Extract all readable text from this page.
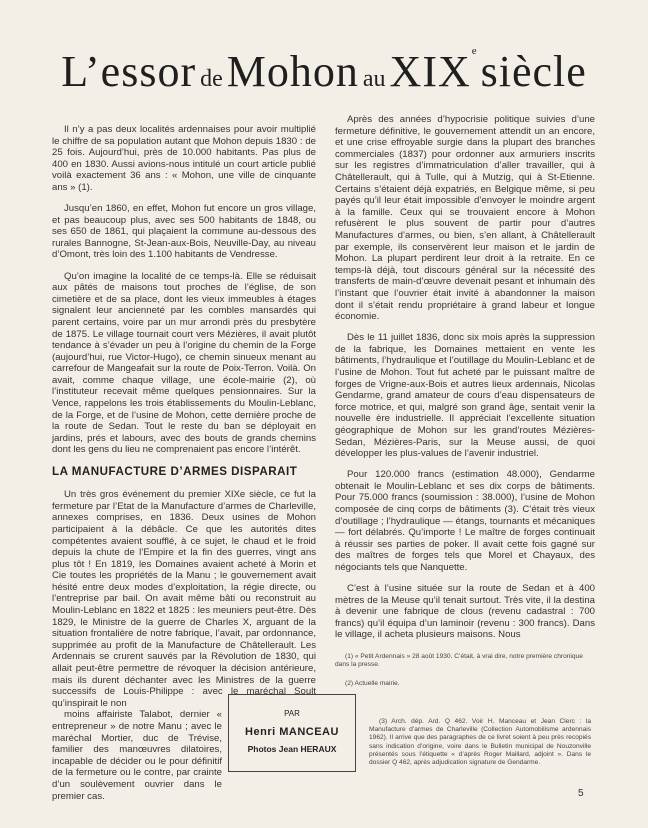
L’essor de Mohon au XIXe siècle

Il n’y a pas deux localités ardennaises pour avoir multiplié le chiffre de sa population autant que Mohon depuis 1830 : de 25 fois. Aujourd’hui, près de 10.000 habitants. Pas plus de 400 en 1830. Aussi avions-nous intitulé un court article publié voilà exactement 36 ans : « Mohon, une ville de cinquante ans » (1).

Jusqu’en 1860, en effet, Mohon fut encore un gros village, et pas beaucoup plus, avec ses 500 habitants de 1848, ou ses 650 de 1861, qui plaçaient la commune au-dessous des rurales Bannogne, St-Jean-aux-Bois, Neuville-Day, au niveau d’Omont, très loin des 1.100 habitants de Vendresse.

Qu’on imagine la localité de ce temps-là. Elle se réduisait aux pâtés de maisons tout proches de l’église, de son cimetière et de sa place, dont les vieux immeubles à étages signalent leur ancienneté par les combles mansardés qui parent certains, voire par un mur arrondi près du presbytère de 1875. Le village tournait court vers Mézières, il avait plutôt tendance à s’évader un peu à l’origine du chemin de la Forge (aujourd’hui, rue Victor-Hugo), ce chemin sinueux menant au carrefour de Mangeafait sur la route de Poix-Terron. Voilà. On avait, comme chaque village, une école-mairie (2), où l’instituteur recevait même quelques pensionnaires. Sur la Vence, rappelons les trois établissements du Moulin-Leblanc, de la Forge, et de l’usine de Mohon, cette dernière proche de la route de Sedan. Tout le reste du ban se déployait en jardins, prés et labours, avec des bouts de grands chemins dont les gens du lieu ne comprenaient pas encore l’intérêt.

LA MANUFACTURE D’ARMES DISPARAIT

Un très gros événement du premier XIXe siècle, ce fut la fermeture par l’Etat de la Manufacture d’armes de Charleville, annexes comprises, en 1836. Deux usines de Mohon participaient à la débâcle. Ce que les autorités dites compétentes avaient soufflé, à ce sujet, le chaud et le froid depuis la chute de l’Empire et la fin des guerres, vingt ans plus tôt ! En 1819, les Domaines avaient acheté à Morin et Cie toutes les propriétés de la Manu ; le gouvernement avait hésité entre deux modes d’exploitation, la régie directe, ou l’entreprise par bail. On avait même bâti ou reconstruit au Moulin-Leblanc en 1822 et 1825 : les meuniers peut-être. Dès 1829, le Ministre de la guerre de Charles X, arguant de la situation frontalière de notre fabrique, l’avait, par ordonnance, supprimée au profit de la Manufacture de Châtellerault. Les Ardennais se crurent sauvés par la Révolution de 1830, qui allait peut-être permettre de révoquer la décision antérieure, mais ils durent déchanter avec les Ministres de la guerre successifs de Louis-Philippe : avec le maréchal Soult qu’inspirait le non

moins affairiste Talabot, dernier « entrepreneur » de notre Manu ; avec le maréchal Mortier, duc de Trévise, familier des manœuvres dilatoires, incapable de décider ou le pour définitif de la fermeture ou le contre, par crainte d’un soulèvement ouvrier dans le premier cas.

Après des années d’hypocrisie politique suivies d’une fermeture définitive, le gouvernement attendit un an encore, et une crise effroyable surgie dans la plupart des branches commerciales (1837) pour ordonner aux armuriers inscrits sur les registres d’immatriculation d’aller travailler, qui à Châtellerault, qui à Tulle, qui à Mutzig, qui à St-Etienne. Certains s’étaient déjà expatriés, en Belgique même, si peu payés qu’il leur était impossible d’envoyer le moindre argent à la famille. Ceux qui se trouvaient encore à Mohon refusèrent le plus souvent de partir pour d’autres Manufactures d’armes, ou bien, s’en allant, à Châtellerault par exemple, ils conservèrent leur maison et le jardin de Mohon. La plupart perdirent leur droit à la retraite. En ce temps-là déjà, tout discours général sur la nécessité des transferts de main-d’œuvre devenait pesant et inhumain dès l’instant que l’ouvrier était invité à abandonner la maison dont il s’était rendu propriétaire à grand labeur et longue économie.

Dès le 11 juillet 1836, donc six mois après la suppression de la fabrique, les Domaines mettaient en vente les bâtiments, l’hydraulique et l’outillage du Moulin-Leblanc et de l’usine de Mohon. Tout fut acheté par le puissant maître de forges de Vrigne-aux-Bois et autres lieux ardennais, Nicolas Gendarme, grand amateur de cours d’eau dispensateurs de force motrice, et qui, malgré son grand âge, sentait venir la nouvelle ère industrielle. Il appréciait l’excellente situation géographique de Mohon sur les grand’routes Mézières-Sedan, Mézières-Paris, sur la Meuse aussi, de quoi développer les plus-values de l’avenir industriel.

Pour 120.000 francs (estimation 48.000), Gendarme obtenait le Moulin-Leblanc et ses dix corps de bâtiments. Pour 75.000 francs (soumission : 38.000), l’usine de Mohon composée de cinq corps de bâtiments (3). C’était très vieux d’outillage ; l’hydraulique — étangs, tournants et mécaniques — fort délabrés. Qu’importe ! Le maître de forges continuait à réussir ses parties de poker. Il avait cette fois gagné sur des maîtres de forges tels que Morel et Chayaux, des négociants tels que Nanquette.

C’est à l’usine située sur la route de Sedan et à 400 mètres de la Meuse qu’il tenait surtout. Très vite, il la destina à devenir une fabrique de clous (revenu cadastral : 700 francs) qu’il équipa d’un laminoir (revenu : 300 francs). Dans le village, il acheta plusieurs maisons. Nous

(1) « Petit Ardennais » 28 août 1930. C’était, à vrai dire, notre première chronique dans la presse.
(2) Actuelle mairie.
(3) Arch. dép. Ard. Q 462. Voir H. Manceau et Jean Clerc : la Manufacture d’armes de Charleville (Collection Automobilisme ardennais 1962). Il arrive que des paragraphes de ce livret soient à peu près recopiés sans indication d’origine, voire dans le Bulletin municipal de Nouzonville présentés sous l’étiquette « d’après Roger Maillard, adjoint ». Dans le dossier Q 462, après adjudication signature de Gendarme.
PAR
Henri MANCEAU
Photos Jean HERAUX
5
